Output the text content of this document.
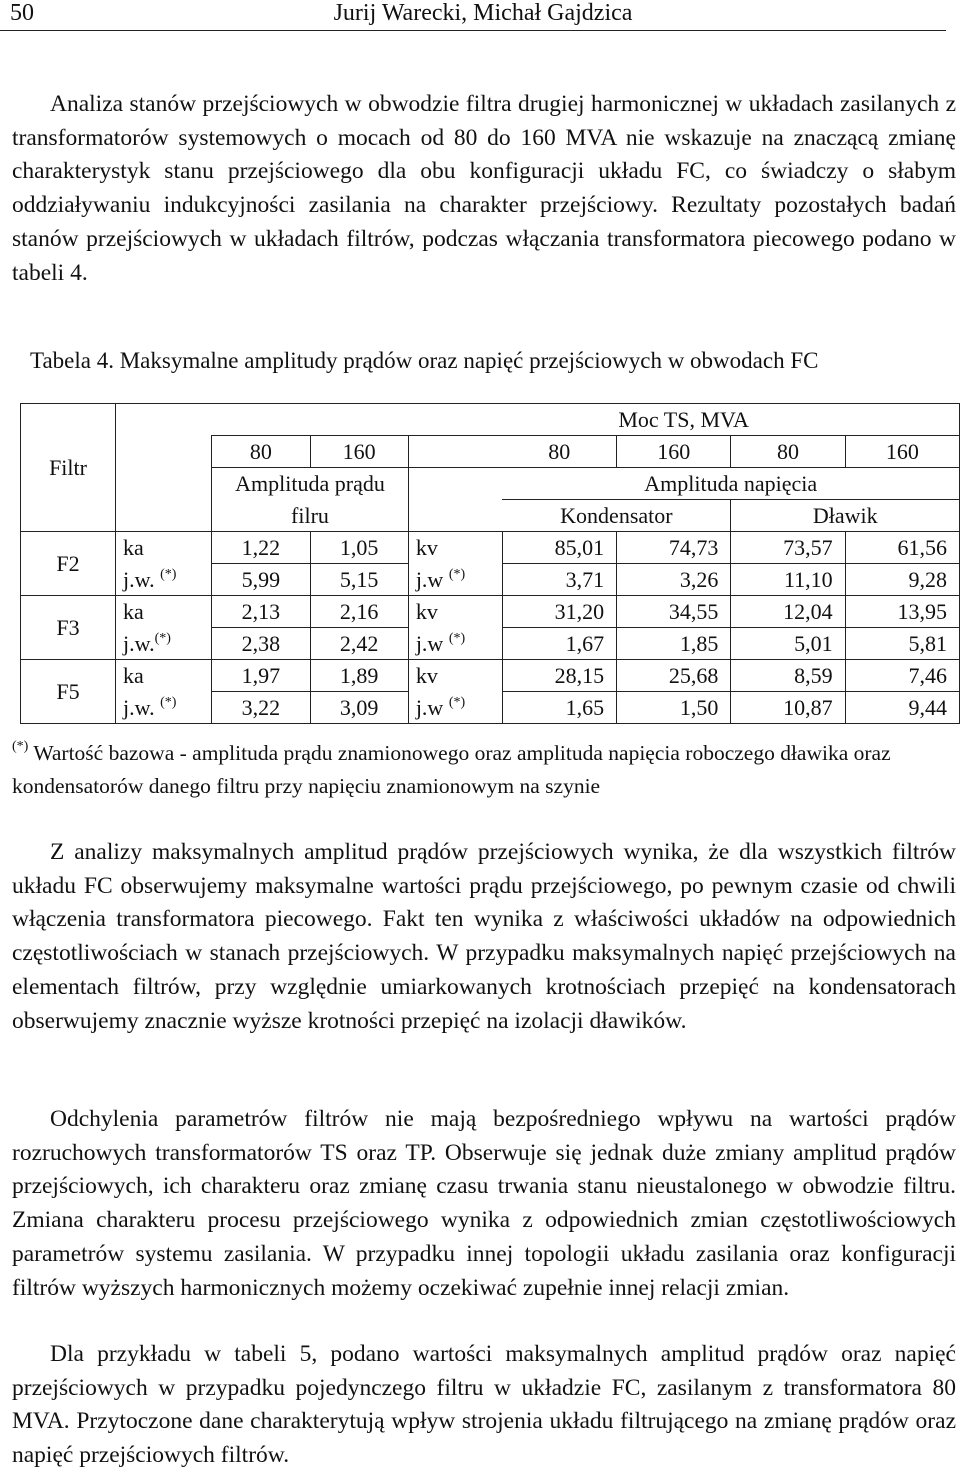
50	Jurij Warecki, Michał Gajdzica
Analiza stanów przejściowych w obwodzie filtra drugiej harmonicznej w układach zasilanych z transformatorów systemowych o mocach od 80 do 160 MVA nie wskazuje na znaczącą zmianę charakterystyk stanu przejściowego dla obu konfiguracji układu FC, co świadczy o słabym oddziaływaniu indukcyjności zasilania na charakter przejściowy. Rezultaty pozostałych badań stanów przejściowych w układach filtrów, podczas włączania transformatora piecowego podano w tabeli 4.
Tabela 4. Maksymalne amplitudy prądów oraz napięć przejściowych w obwodach FC
Filtr				Moc TS, MVA				
		80	160		80	160	80	160
		Amplituda prądu			Amplituda napięcia			
		filru			Kondensator		Dławik	
F2	ka	1,22	1,05	kv	85,01	74,73	73,57	61,56
	j.w. (*)	5,99	5,15	j.w (*)	3,71	3,26	11,10	9,28
F3	ka	2,13	2,16	kv	31,20	34,55	12,04	13,95
	j.w.(*)	2,38	2,42	j.w (*)	1,67	1,85	5,01	5,81
F5	ka	1,97	1,89	kv	28,15	25,68	8,59	7,46
	j.w. (*)	3,22	3,09	j.w (*)	1,65	1,50	10,87	9,44
(*) Wartość bazowa - amplituda prądu znamionowego oraz amplituda napięcia roboczego dławika oraz kondensatorów danego filtru przy napięciu znamionowym na szynie
Z analizy maksymalnych amplitud prądów przejściowych wynika, że dla wszystkich filtrów układu FC obserwujemy maksymalne wartości prądu przejściowego, po pewnym czasie od chwili włączenia transformatora piecowego. Fakt ten wynika z właściwości układów na odpowiednich częstotliwościach w stanach przejściowych. W przypadku maksymalnych napięć przejściowych na elementach filtrów, przy względnie umiarkowanych krotnościach przepięć na kondensatorach obserwujemy znacznie wyższe krotności przepięć na izolacji dławików.
Odchylenia parametrów filtrów nie mają bezpośredniego wpływu na wartości prądów rozruchowych transformatorów TS oraz TP. Obserwuje się jednak duże zmiany amplitud prądów przejściowych, ich charakteru oraz zmianę czasu trwania stanu nieustalonego w obwodzie filtru. Zmiana charakteru procesu przejściowego wynika z odpowiednich zmian częstotliwościowych parametrów systemu zasilania. W przypadku innej topologii układu zasilania oraz konfiguracji filtrów wyższych harmonicznych możemy oczekiwać zupełnie innej relacji zmian.
Dla przykładu w tabeli 5, podano wartości maksymalnych amplitud prądów oraz napięć przejściowych w przypadku pojedynczego filtru w układzie FC, zasilanym z transformatora 80 MVA. Przytoczone dane charakterytują wpływ strojenia układu filtrującego na zmianę prądów oraz napięć przejściowych filtrów.
